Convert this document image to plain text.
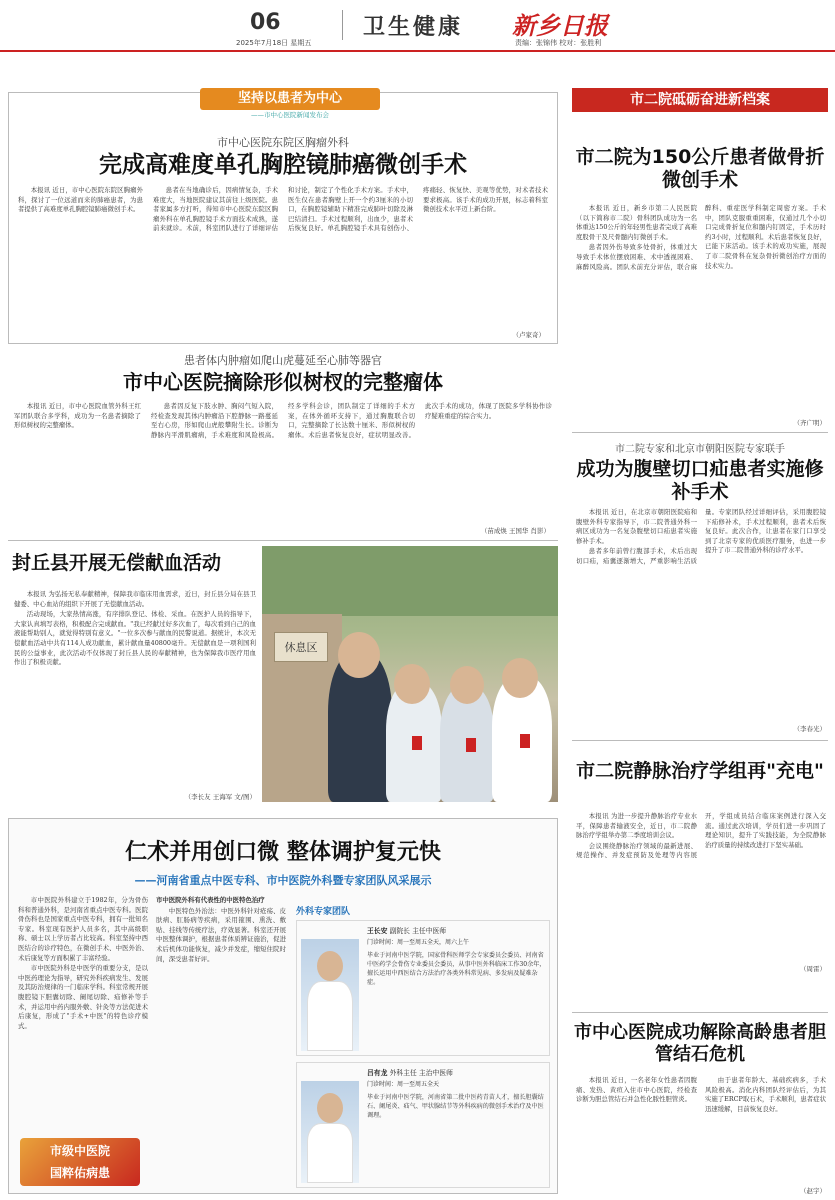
06
2025年7月18日 星期五
卫生健康 新乡日报
责编：张锦伟 校对：张胜利
坚持以患者为中心
——市中心医院新闻发布会
市中心医院东院区胸瘤外科
完成高难度单孔胸腔镜肺癌微创手术

本报讯 近日，市中心医院东院区胸瘤外科，探讨了一位远道而来的肺癌患者，为患者提供了高难度单孔胸腔镜肺癌微创手术。

患者在当地确诊后，因病情复杂，手术难度大，当地医院建议其前往上级医院。患者家属多方打听，得知市中心医院东院区胸瘤外科在单孔胸腔镜手术方面技术成熟，遂前来就诊。术前，科室团队进行了详细评估和讨论，制定了个性化手术方案。手术中，医生仅在患者胸壁上开一个约3厘米的小切口，在胸腔镜辅助下精准完成肺叶切除及淋巴结清扫。手术过程顺利，出血少，患者术后恢复良好。单孔胸腔镜手术具有创伤小、疼痛轻、恢复快、美观等优势，对术者技术要求极高。该手术的成功开展，标志着科室微创技术水平迈上新台阶。

（卢家奇）
患者体内肿瘤如爬山虎蔓延至心肺等器官
市中心医院摘除形似树杈的完整瘤体

本报讯 近日，市中心医院血管外科王红军团队联合多学科，成功为一名患者摘除了形似树杈的完整瘤体。

患者因反复下肢水肿、胸闷气短入院，经检查发现其体内肿瘤沿下腔静脉一路蔓延至右心房，形如爬山虎般攀附生长。诊断为静脉内平滑肌瘤病，手术难度和风险极高。经多学科会诊，团队制定了详细的手术方案，在体外循环支持下，通过胸腹联合切口，完整摘除了长达数十厘米、形似树杈的瘤体。术后患者恢复良好，症状明显改善。此次手术的成功，体现了医院多学科协作诊疗疑难重症的综合实力。

（苗成焕 王国华 肖影）
封丘县开展无偿献血活动

本报讯 为弘扬无私奉献精神，保障我市临床用血需求，近日，封丘县分局在县卫健委、中心血站的组织下开展了无偿献血活动。

活动现场，大家热情高涨，有序排队登记、体检、采血。在医护人员的指导下，大家认真填写表格，积极配合完成献血。"我已经献过好多次血了，每次看到自己的血液能帮助别人，就觉得特别有意义。"一位多次参与献血的民警说道。据统计，本次无偿献血活动中共有114人成功献血，累计献血量40800毫升。无偿献血是一项利国利民的公益事业，此次活动不仅体现了封丘县人民的奉献精神，也为保障我市医疗用血作出了积极贡献。

（李长友 王海军 文/图）
休息区
仁术并用创口微 整体调护复元快
——河南省重点中医专科、市中医院外科暨专家团队风采展示

市中医院外科建立于1982年，分为骨伤科和普通外科，是河南省重点中医专科。医院骨伤科也是国家重点中医专科，拥有一批知名专家。科室现有医护人员多名，其中高级职称、硕士以上学历者占比较高。科室坚持中西医结合的诊疗特色，在微创手术、中医外治、术后康复等方面积累了丰富经验。

市中医院外科是中医学的重要分支，是以中医药理论为指导，研究外科疾病发生、发展及其防治规律的一门临床学科。科室常规开展腹腔镜下胆囊切除、阑尾切除、疝修补等手术，并运用中药内服外敷、针灸等方法促进术后康复，形成了"手术+中医"的特色诊疗模式。

市中医院外科有代表性的中医特色治疗

中医特色外治法：中医外科针对疮疡、皮肤病、肛肠病等疾病，采用箍围、熏洗、敷贴、挂线等传统疗法，疗效显著。科室还开展中医整体调护，根据患者体质辨证施治，促进术后机体功能恢复，减少并发症，缩短住院时间，深受患者好评。

市级中医院
国粹佑病患
外科专家团队
王长安 副院长 主任中医师
门诊时间：周一至周五全天，周六上午
毕业于河南中医学院，国家骨科医师学会专家委员会委员、河南省中医药学会骨伤专业委员会委员，从事中医外科临床工作30余年，擅长运用中西医结合方法治疗各类外科常见病、多发病及疑难杂症。
吕有龙 外科主任 主治中医师
门诊时间：周一至周五全天
毕业于河南中医学院，河南省第二批中医药青苗人才，擅长胆囊结石、阑尾炎、疝气、甲状腺结节等外科疾病的微创手术治疗及中医调理。
市二院砥砺奋进新档案
市二院为150公斤患者做骨折微创手术

本报讯 近日，新乡市第二人民医院（以下简称市二院）骨科团队成功为一名体重达150公斤的年轻男性患者完成了高难度股骨干及尺骨髓内钉微创手术。

患者因外伤导致多处骨折，体重过大导致手术体位摆放困难、术中透视困难、麻醉风险高。团队术前充分评估，联合麻醉科、重症医学科制定周密方案。手术中，团队克服重重困难，仅通过几个小切口完成骨折复位和髓内钉固定，手术历时约3小时，过程顺利。术后患者恢复良好，已能下床活动。该手术的成功实施，展现了市二院骨科在复杂骨折微创治疗方面的技术实力。

（齐广明）
市二院专家和北京市朝阳医院专家联手
成功为腹壁切口疝患者实施修补手术

本报讯 近日，在北京市朝阳医院疝和腹壁外科专家指导下，市二院普通外科一病区成功为一名复杂腹壁切口疝患者实施修补手术。

患者多年前曾行腹部手术，术后出现切口疝，疝囊逐渐增大，严重影响生活质量。专家团队经过详细评估，采用腹腔镜下疝修补术，手术过程顺利，患者术后恢复良好。此次合作，让患者在家门口享受到了北京专家的优质医疗服务，也进一步提升了市二院普通外科的诊疗水平。

（李春光）
市二院静脉治疗学组再"充电"

本报讯 为进一步提升静脉治疗专业水平，保障患者输液安全，近日，市二院静脉治疗学组举办第二季度培训会议。

会议围绕静脉治疗领域的最新进展、规范操作、并发症预防及处理等内容展开，学组成员结合临床案例进行深入交流。通过此次培训，学员们进一步巩固了理论知识，提升了实践技能，为全院静脉治疗质量的持续改进打下坚实基础。

（周雷）
市中心医院成功解除高龄患者胆管结石危机

本报讯 近日，一名老年女性患者因腹痛、发热、黄疸入住市中心医院，经检查诊断为胆总管结石并急性化脓性胆管炎。

由于患者年龄大、基础疾病多，手术风险极高。消化内科团队经评估后，为其实施了ERCP取石术，手术顺利，患者症状迅速缓解，目前恢复良好。

（赵宇）
